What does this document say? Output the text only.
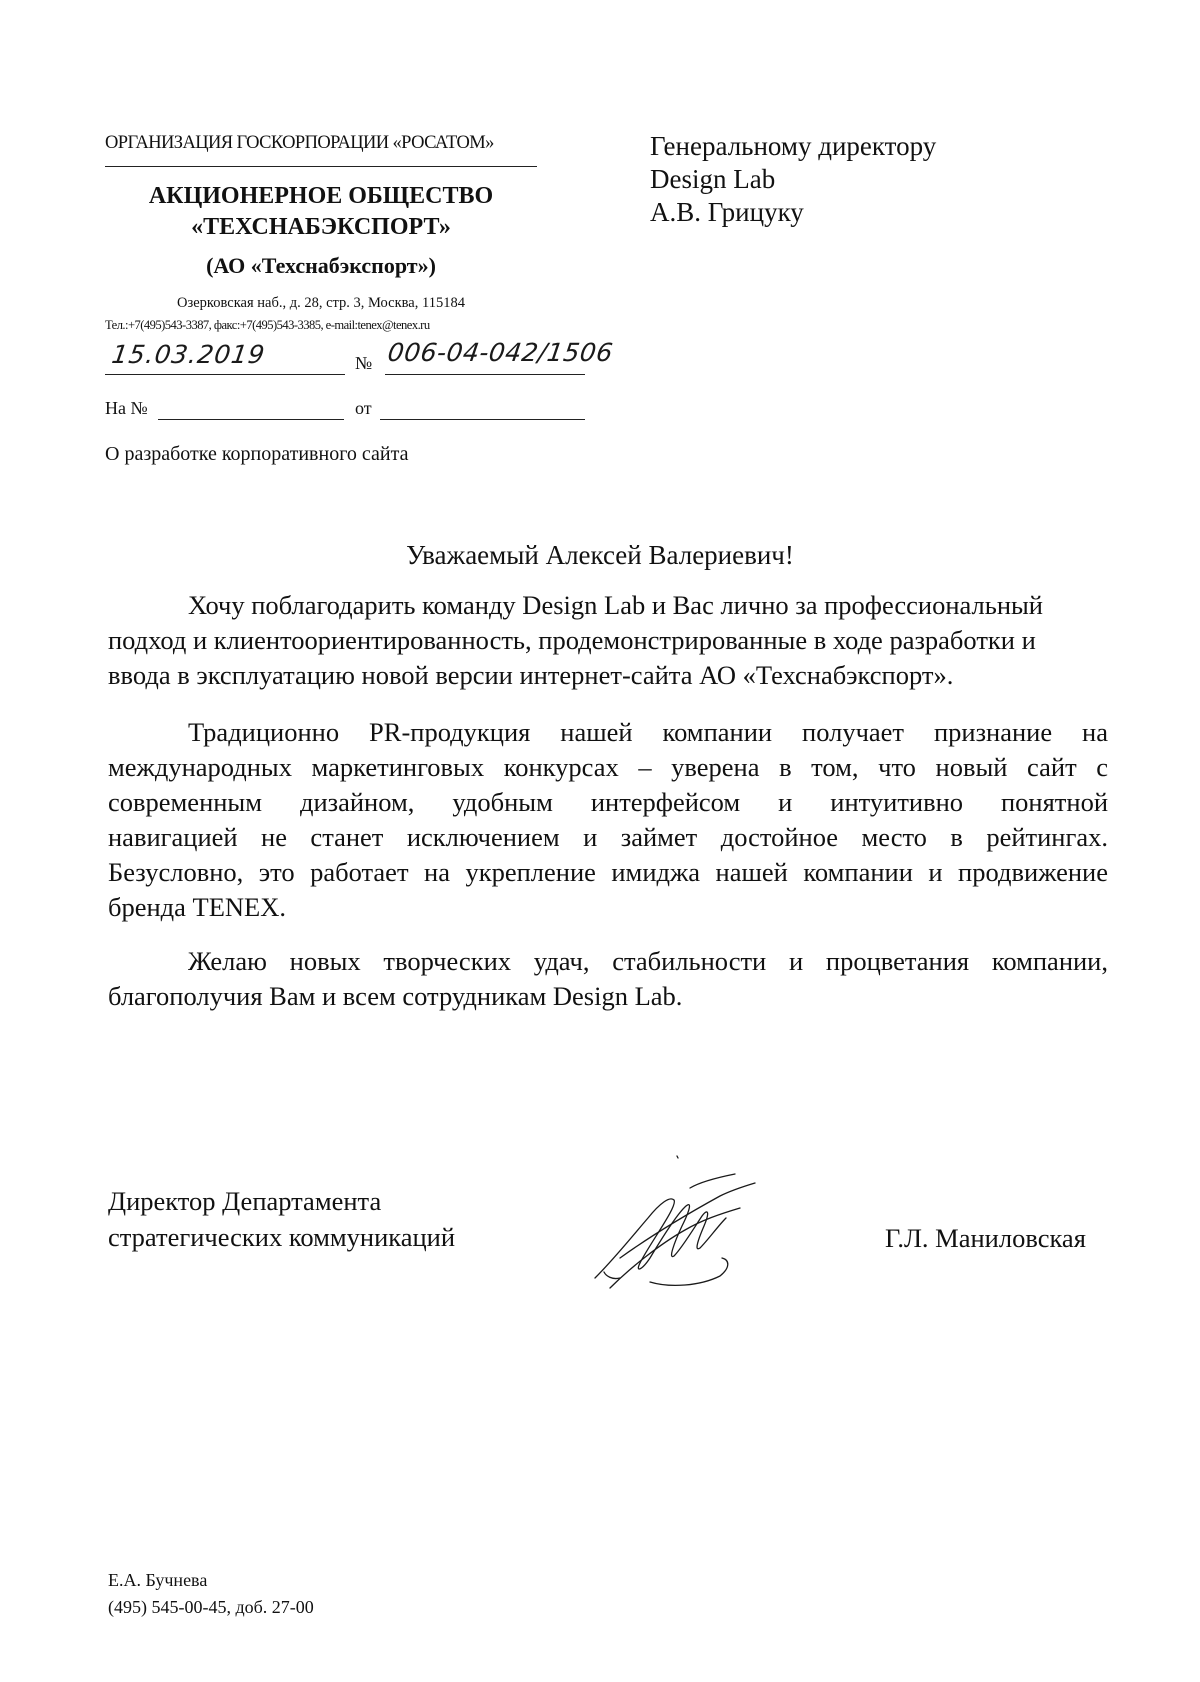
ОРГАНИЗАЦИЯ ГОСКОРПОРАЦИИ «РОСАТОМ»
АКЦИОНЕРНОЕ ОБЩЕСТВО
«ТЕХСНАБЭКСПОРТ»
(АО «Техснабэкспорт»)
Озерковская наб., д. 28, стр. 3, Москва, 115184
Тел.:+7(495)543-3387, факс:+7(495)543-3385, e-mail:tenex@tenex.ru
15.03.2019	№ 006-04-042/1506
На №	от
О разработке корпоративного сайта
Генеральному директору
Design Lab
А.В. Грицуку
Уважаемый Алексей Валериевич!
Хочу поблагодарить команду Design Lab и Вас лично за профессиональный
подход и клиентоориентированность, продемонстрированные в ходе разработки и
ввода в эксплуатацию новой версии интернет-сайта АО «Техснабэкспорт».
Традиционно PR-продукция нашей компании получает признание на
международных маркетинговых конкурсах – уверена в том, что новый сайт с
современным дизайном, удобным интерфейсом и интуитивно понятной
навигацией не станет исключением и займет достойное место в рейтингах.
Безусловно, это работает на укрепление имиджа нашей компании и продвижение
бренда TENEX.
Желаю новых творческих удач, стабильности и процветания компании,
благополучия Вам и всем сотрудникам Design Lab.
Директор Департамента
стратегических коммуникаций	Г.Л. Маниловская
Е.А. Бучнева
(495) 545-00-45, доб. 27-00
